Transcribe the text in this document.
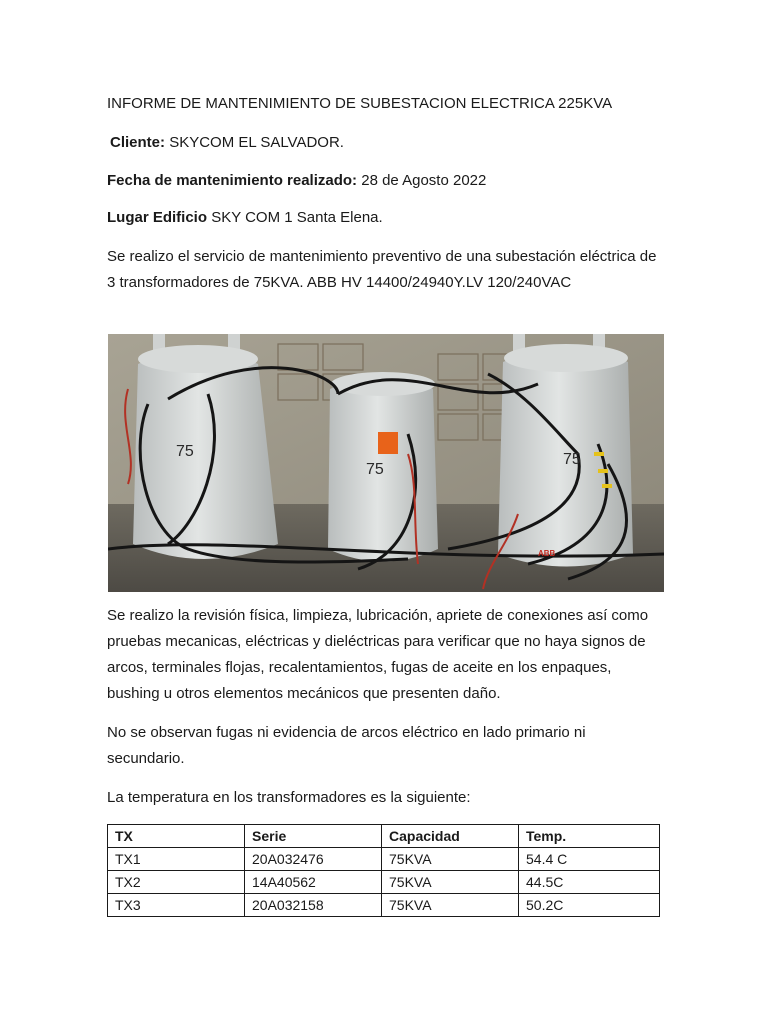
INFORME DE MANTENIMIENTO DE SUBESTACION ELECTRICA 225KVA
Cliente: SKYCOM EL SALVADOR.
Fecha de mantenimiento realizado: 28 de Agosto 2022
Lugar Edificio SKY COM 1 Santa Elena.
Se realizo el servicio de mantenimiento preventivo de una subestación eléctrica de 3 transformadores de 75KVA. ABB HV 14400/24940Y.LV 120/240VAC
75
75
75
ABB
Se realizo la revisión física, limpieza, lubricación, apriete de conexiones así como pruebas mecanicas, eléctricas y dieléctricas para verificar que no haya signos de arcos, terminales flojas, recalentamientos, fugas de aceite en los enpaques, bushing u otros elementos mecánicos que presenten daño.
No se observan fugas ni evidencia de arcos eléctrico en lado primario ni secundario.
La temperatura en los transformadores es la siguiente:
TX	Serie	Capacidad	Temp.
TX1	20A032476	75KVA	54.4 C
TX2	14A40562	75KVA	44.5C
TX3	20A032158	75KVA	50.2C
